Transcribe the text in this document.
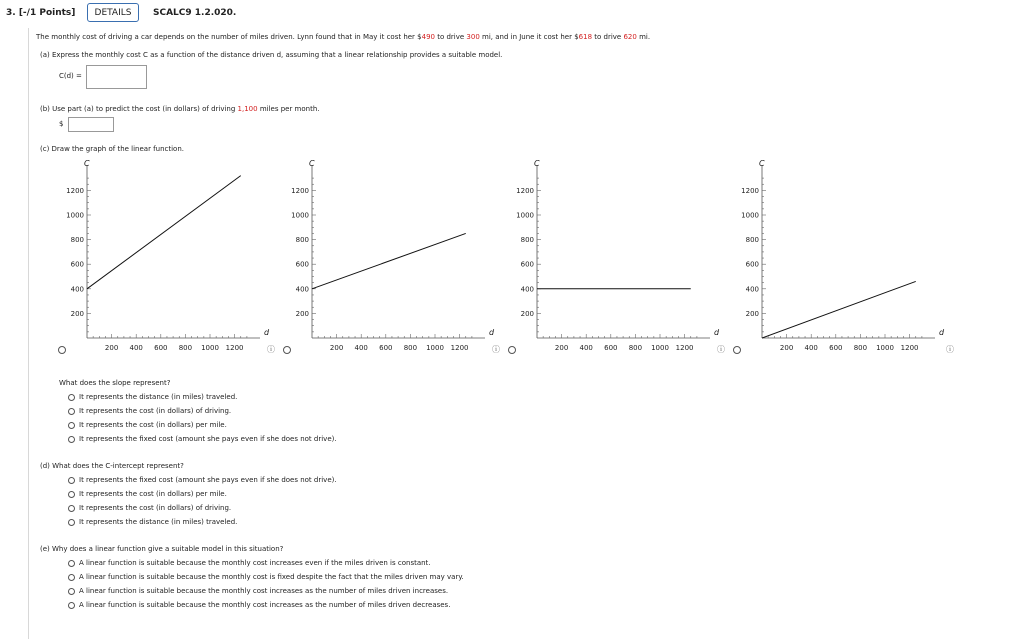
3. [-/1 Points]	DETAILS	SCALC9 1.2.020.
The monthly cost of driving a car depends on the number of miles driven. Lynn found that in May it cost her $490 to drive 300 mi, and in June it cost her $618 to drive 620 mi.
(a) Express the monthly cost C as a function of the distance driven d, assuming that a linear relationship provides a suitable model.
C(d) =
(b) Use part (a) to predict the cost (in dollars) of driving 1,100 miles per month.
$
(c) Draw the graph of the linear function.
200 400 600 800 1000 1200
200
400
600
800
1000
1200
d
C
200 400 600 800 1000 1200
200
400
600
800
1000
1200
d
C
200 400 600 800 1000 1200
200
400
600
800
1000
1200
d
C
200 400 600 800 1000 1200
200
400
600
800
1000
1200
d
C
ⓘ	ⓘ	ⓘ	ⓘ
What does the slope represent?
It represents the distance (in miles) traveled.
It represents the cost (in dollars) of driving.
It represents the cost (in dollars) per mile.
It represents the fixed cost (amount she pays even if she does not drive).
(d) What does the C-intercept represent?
It represents the fixed cost (amount she pays even if she does not drive).
It represents the cost (in dollars) per mile.
It represents the cost (in dollars) of driving.
It represents the distance (in miles) traveled.
(e) Why does a linear function give a suitable model in this situation?
A linear function is suitable because the monthly cost increases even if the miles driven is constant.
A linear function is suitable because the monthly cost is fixed despite the fact that the miles driven may vary.
A linear function is suitable because the monthly cost increases as the number of miles driven increases.
A linear function is suitable because the monthly cost increases as the number of miles driven decreases.
